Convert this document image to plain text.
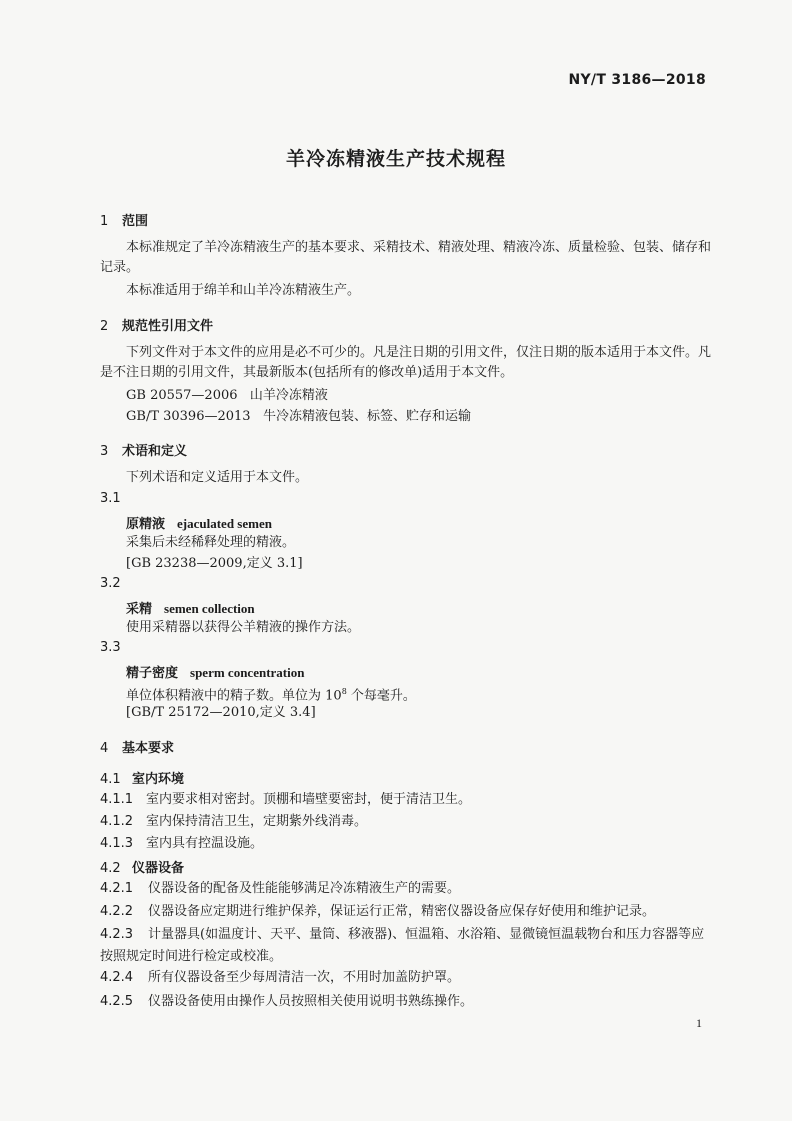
NY/T 3186—2018
羊冷冻精液生产技术规程
1 范围
本标准规定了羊冷冻精液生产的基本要求、采精技术、精液处理、精液冷冻、质量检验、包装、储存和记录。
本标准适用于绵羊和山羊冷冻精液生产。
2 规范性引用文件
下列文件对于本文件的应用是必不可少的。凡是注日期的引用文件，仅注日期的版本适用于本文件。凡是不注日期的引用文件，其最新版本(包括所有的修改单)适用于本文件。
GB 20557—2006 山羊冷冻精液
GB/T 30396—2013 牛冷冻精液包装、标签、贮存和运输
3 术语和定义
下列术语和定义适用于本文件。
3.1
原精液 ejaculated semen
采集后未经稀释处理的精液。
[GB 23238—2009,定义 3.1]
3.2
采精 semen collection
使用采精器以获得公羊精液的操作方法。
3.3
精子密度 sperm concentration
单位体积精液中的精子数。单位为 $10^8$ 个每毫升。
[GB/T 25172—2010,定义 3.4]
4 基本要求
4.1 室内环境
4.1.1 室内要求相对密封。顶棚和墙壁要密封，便于清洁卫生。
4.1.2 室内保持清洁卫生，定期紫外线消毒。
4.1.3 室内具有控温设施。
4.2 仪器设备
4.2.1 仪器设备的配备及性能能够满足冷冻精液生产的需要。
4.2.2 仪器设备应定期进行维护保养，保证运行正常，精密仪器设备应保存好使用和维护记录。
4.2.3 计量器具(如温度计、天平、量筒、移液器)、恒温箱、水浴箱、显微镜恒温载物台和压力容器等应按照规定时间进行检定或校准。
4.2.4 所有仪器设备至少每周清洁一次，不用时加盖防护罩。
4.2.5 仪器设备使用由操作人员按照相关使用说明书熟练操作。
1
